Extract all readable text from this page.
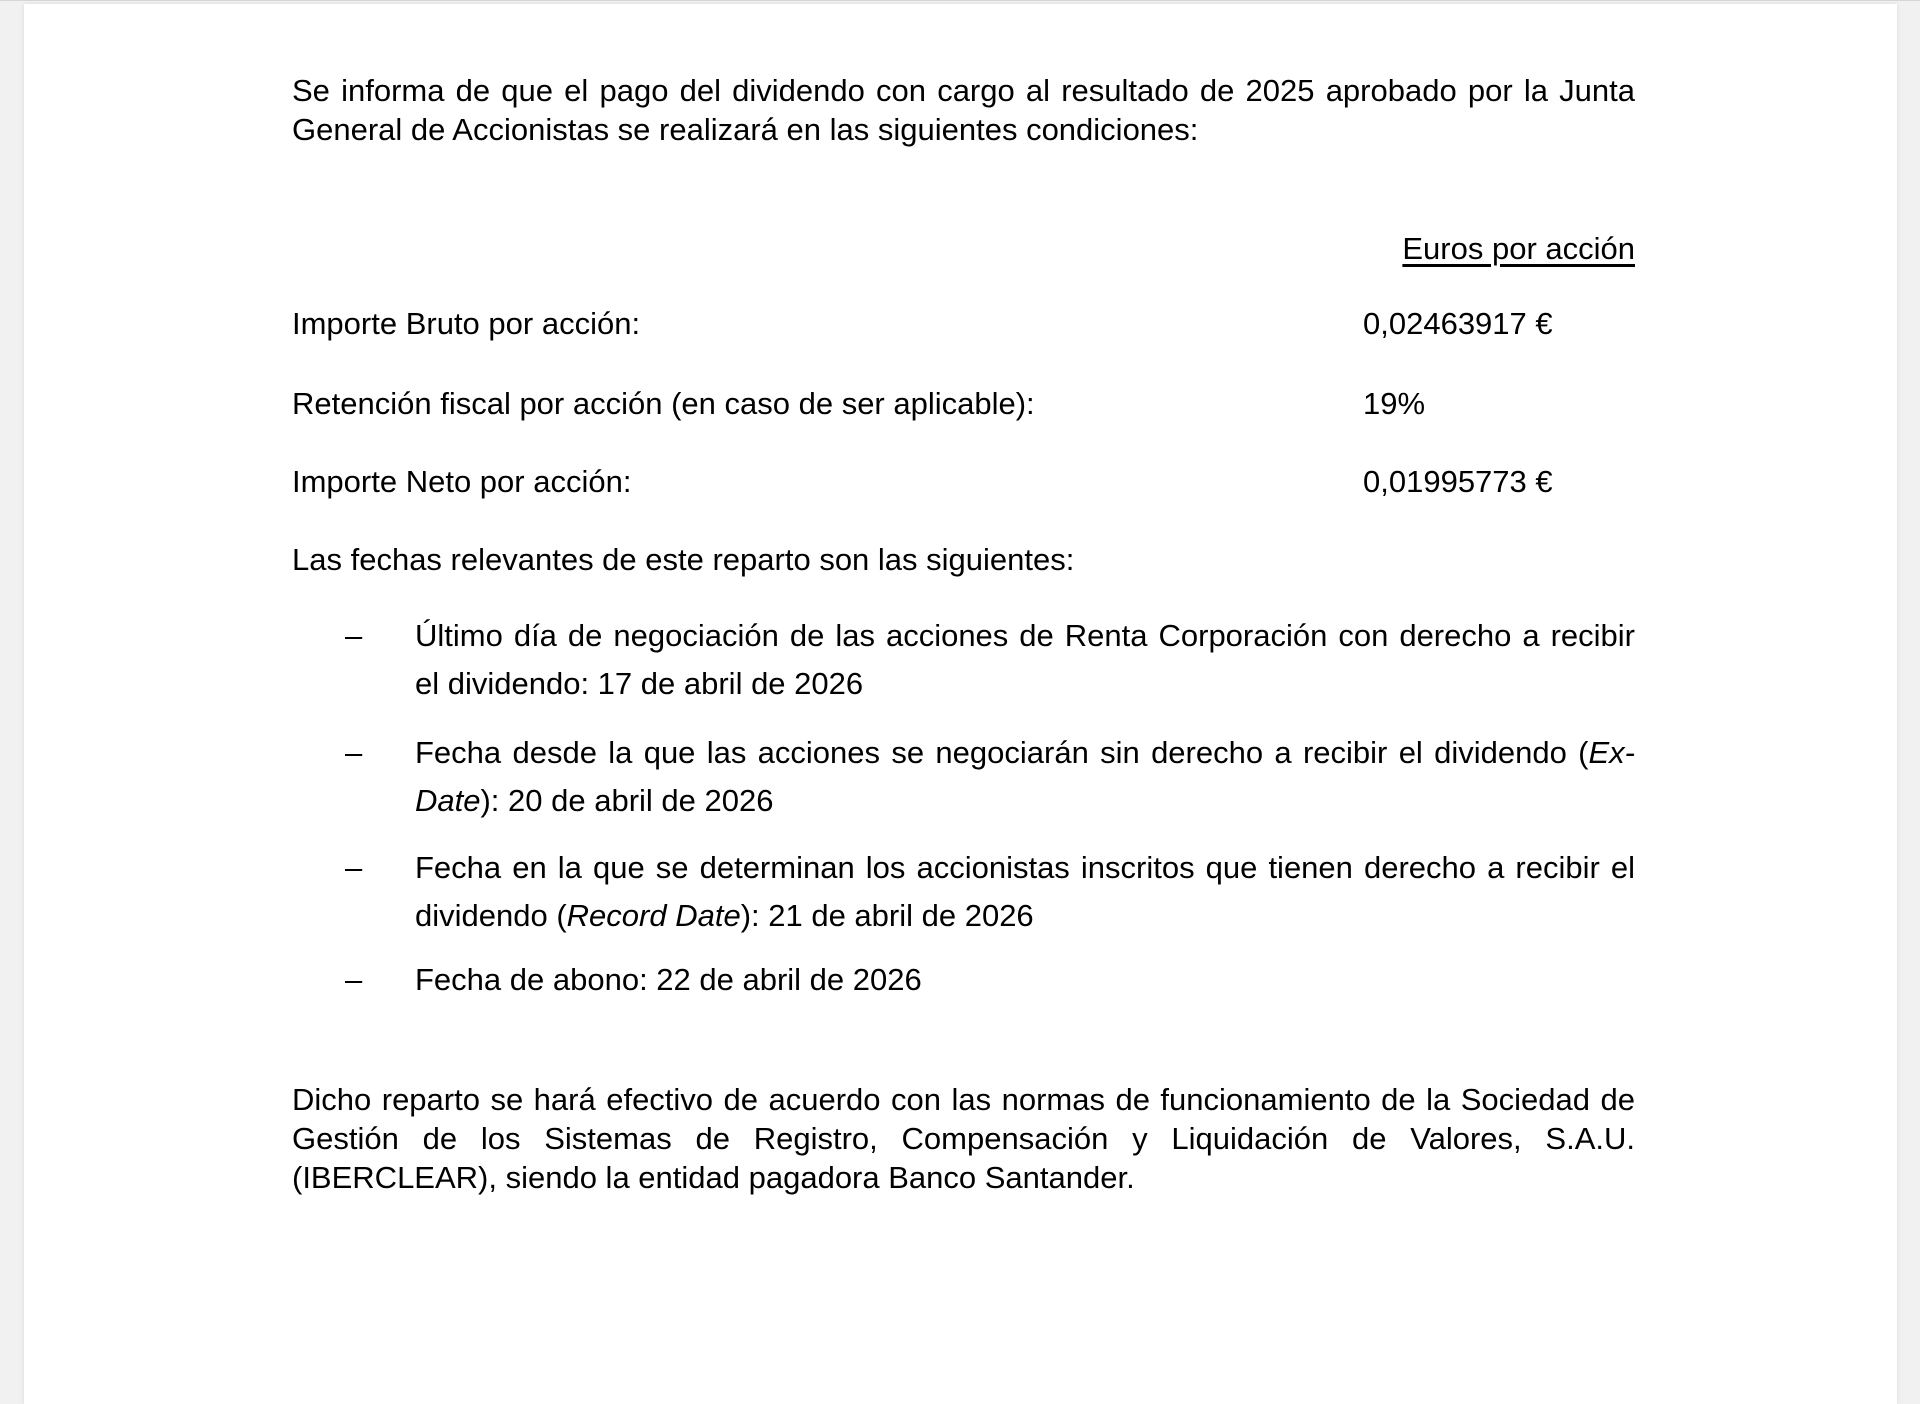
Se informa de que el pago del dividendo con cargo al resultado de 2025 aprobado por la Junta General de Accionistas se realizará en las siguientes condiciones:

Euros por acción
Importe Bruto por acción:	0,02463917 €
Retención fiscal por acción (en caso de ser aplicable):	19%
Importe Neto por acción:	0,01995773 €

Las fechas relevantes de este reparto son las siguientes:

– Último día de negociación de las acciones de Renta Corporación con derecho a recibir el dividendo: 17 de abril de 2026
– Fecha desde la que las acciones se negociarán sin derecho a recibir el dividendo (Ex-Date): 20 de abril de 2026
– Fecha en la que se determinan los accionistas inscritos que tienen derecho a recibir el dividendo (Record Date): 21 de abril de 2026
– Fecha de abono: 22 de abril de 2026

Dicho reparto se hará efectivo de acuerdo con las normas de funcionamiento de la Sociedad de Gestión de los Sistemas de Registro, Compensación y Liquidación de Valores, S.A.U. (IBERCLEAR), siendo la entidad pagadora Banco Santander.
